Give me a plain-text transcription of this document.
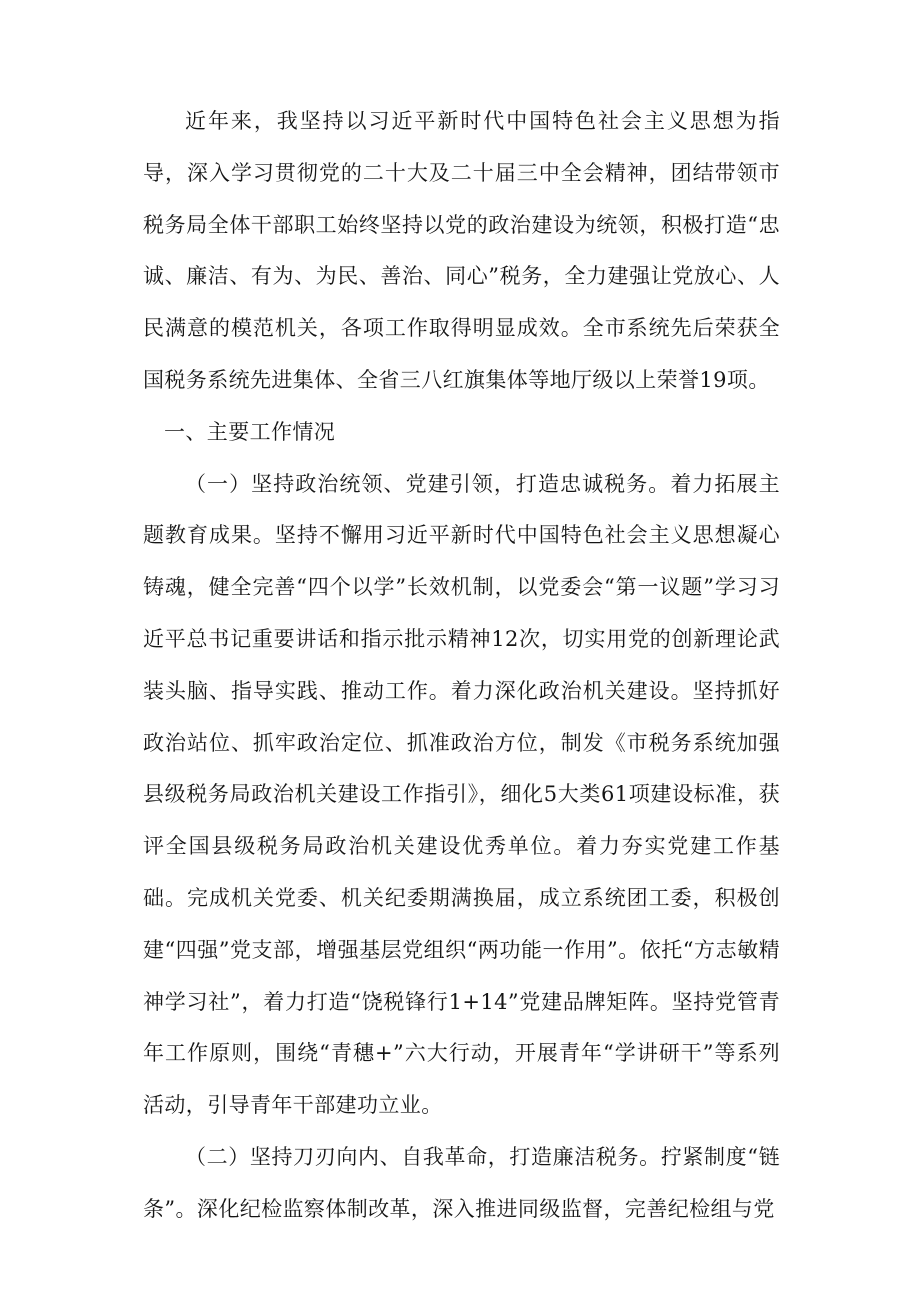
近年来，我坚持以习近平新时代中国特色社会主义思想为指导，深入学习贯彻党的二十大及二十届三中全会精神，团结带领市税务局全体干部职工始终坚持以党的政治建设为统领，积极打造“忠诚、廉洁、有为、为民、善治、同心”税务，全力建强让党放心、人民满意的模范机关，各项工作取得明显成效。全市系统先后荣获全国税务系统先进集体、全省三八红旗集体等地厅级以上荣誉19项。

一、主要工作情况

（一）坚持政治统领、党建引领，打造忠诚税务。着力拓展主题教育成果。坚持不懈用习近平新时代中国特色社会主义思想凝心铸魂，健全完善“四个以学”长效机制，以党委会“第一议题”学习习近平总书记重要讲话和指示批示精神12次，切实用党的创新理论武装头脑、指导实践、推动工作。着力深化政治机关建设。坚持抓好政治站位、抓牢政治定位、抓准政治方位，制发《市税务系统加强县级税务局政治机关建设工作指引》，细化5大类61项建设标准，获评全国县级税务局政治机关建设优秀单位。着力夯实党建工作基础。完成机关党委、机关纪委期满换届，成立系统团工委，积极创建“四强”党支部，增强基层党组织“两功能一作用”。依托“方志敏精神学习社”，着力打造“饶税锋行1+14”党建品牌矩阵。坚持党管青年工作原则，围绕“青穗+”六大行动，开展青年“学讲研干”等系列活动，引导青年干部建功立业。

（二）坚持刀刃向内、自我革命，打造廉洁税务。拧紧制度“链条”。深化纪检监察体制改革，深入推进同级监督，完善纪检组与党
